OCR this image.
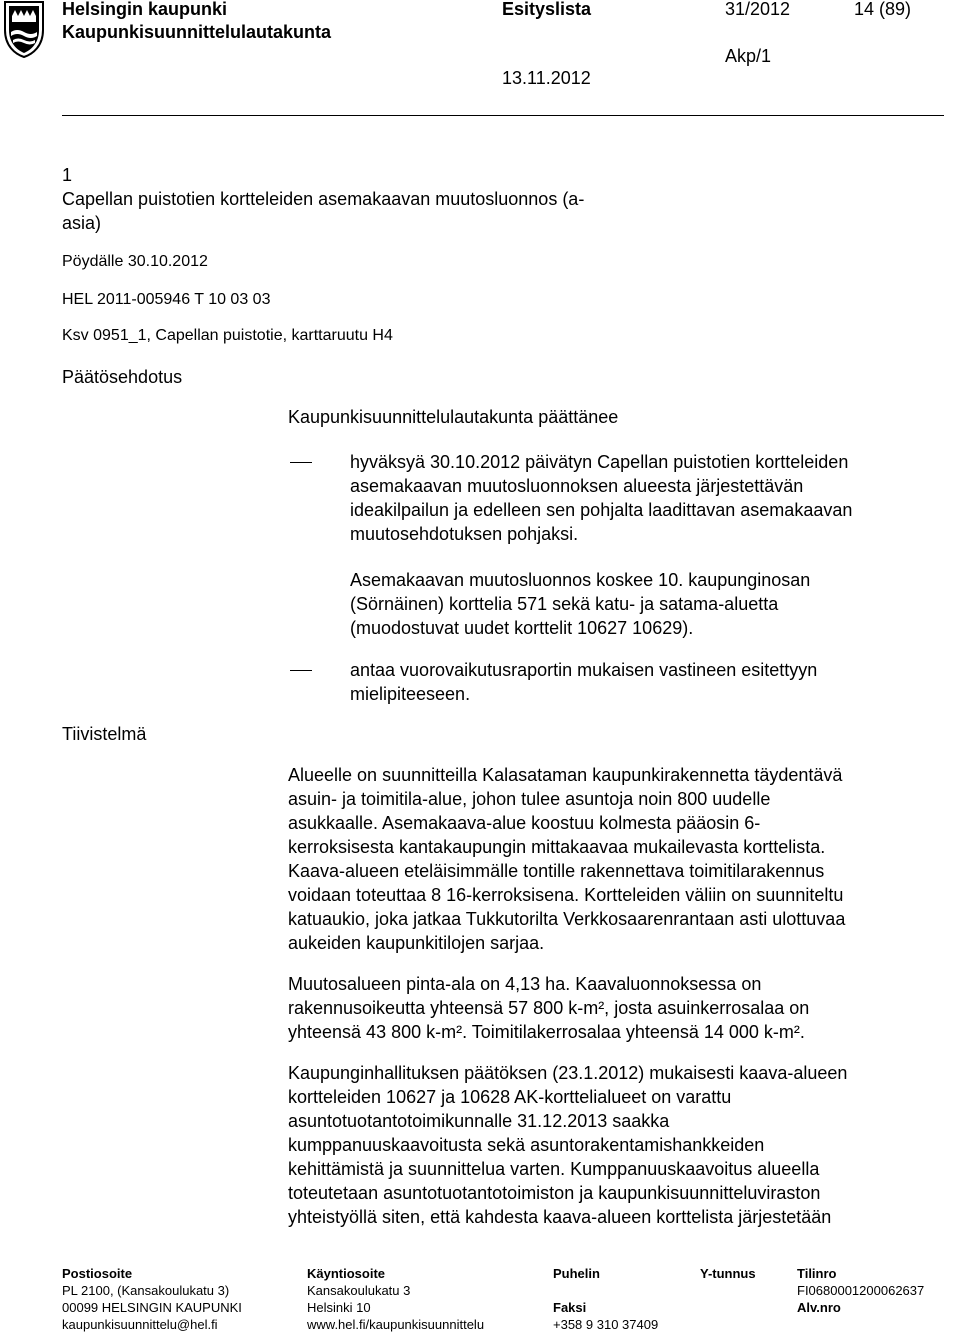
Helsingin kaupunki
Kaupunkisuunnittelulautakunta
Esityslista	31/2012	14 (89)
Akp/1
13.11.2012
1
Capellan puistotien kortteleiden asemakaavan muutosluonnos (a-
asia)
Pöydälle 30.10.2012
HEL 2011-005946 T 10 03 03
Ksv 0951_1, Capellan puistotie, karttaruutu H4
Päätösehdotus
Kaupunkisuunnittelulautakunta päättänee
hyväksyä 30.10.2012 päivätyn Capellan puistotien kortteleiden
asemakaavan muutosluonnoksen alueesta järjestettävän
ideakilpailun ja edelleen sen pohjalta laadittavan asemakaavan
muutosehdotuksen pohjaksi.
Asemakaavan muutosluonnos koskee 10. kaupunginosan
(Sörnäinen) korttelia 571 sekä katu- ja satama-aluetta
(muodostuvat uudet korttelit 10627 10629).
antaa vuorovaikutusraportin mukaisen vastineen esitettyyn
mielipiteeseen.
Tiivistelmä
Alueelle on suunnitteilla Kalasataman kaupunkirakennetta täydentävä
asuin- ja toimitila-alue, johon tulee asuntoja noin 800 uudelle
asukkaalle. Asemakaava-alue koostuu kolmesta pääosin 6-
kerroksisesta kantakaupungin mittakaavaa mukailevasta korttelista.
Kaava-alueen eteläisimmälle tontille rakennettava toimitilarakennus
voidaan toteuttaa 8 16-kerroksisena. Kortteleiden väliin on suunniteltu
katuaukio, joka jatkaa Tukkutorilta Verkkosaarenrantaan asti ulottuvaa
aukeiden kaupunkitilojen sarjaa.
Muutosalueen pinta-ala on 4,13 ha. Kaavaluonnoksessa on
rakennusoikeutta yhteensä 57 800 k-m², josta asuinkerrosalaa on
yhteensä 43 800 k-m². Toimitilakerrosalaa yhteensä 14 000 k-m².
Kaupunginhallituksen päätöksen (23.1.2012) mukaisesti kaava-alueen
kortteleiden 10627 ja 10628 AK-korttelialueet on varattu
asuntotuotantotoimikunnalle 31.12.2013 saakka
kumppanuuskaavoitusta sekä asuntorakentamishankkeiden
kehittämistä ja suunnittelua varten. Kumppanuuskaavoitus alueella
toteutetaan asuntotuotantotoimiston ja kaupunkisuunnitteluviraston
yhteistyöllä siten, että kahdesta kaava-alueen korttelista järjestetään
Postiosoite
PL 2100, (Kansakoulukatu 3)
00099 HELSINGIN KAUPUNKI
kaupunkisuunnittelu@hel.fi
Käyntiosoite
Kansakoulukatu 3
Helsinki 10
www.hel.fi/kaupunkisuunnittelu
Puhelin

Faksi
+358 9 310 37409
Y-tunnus	Tilinro
FI0680001200062637
Alv.nro
